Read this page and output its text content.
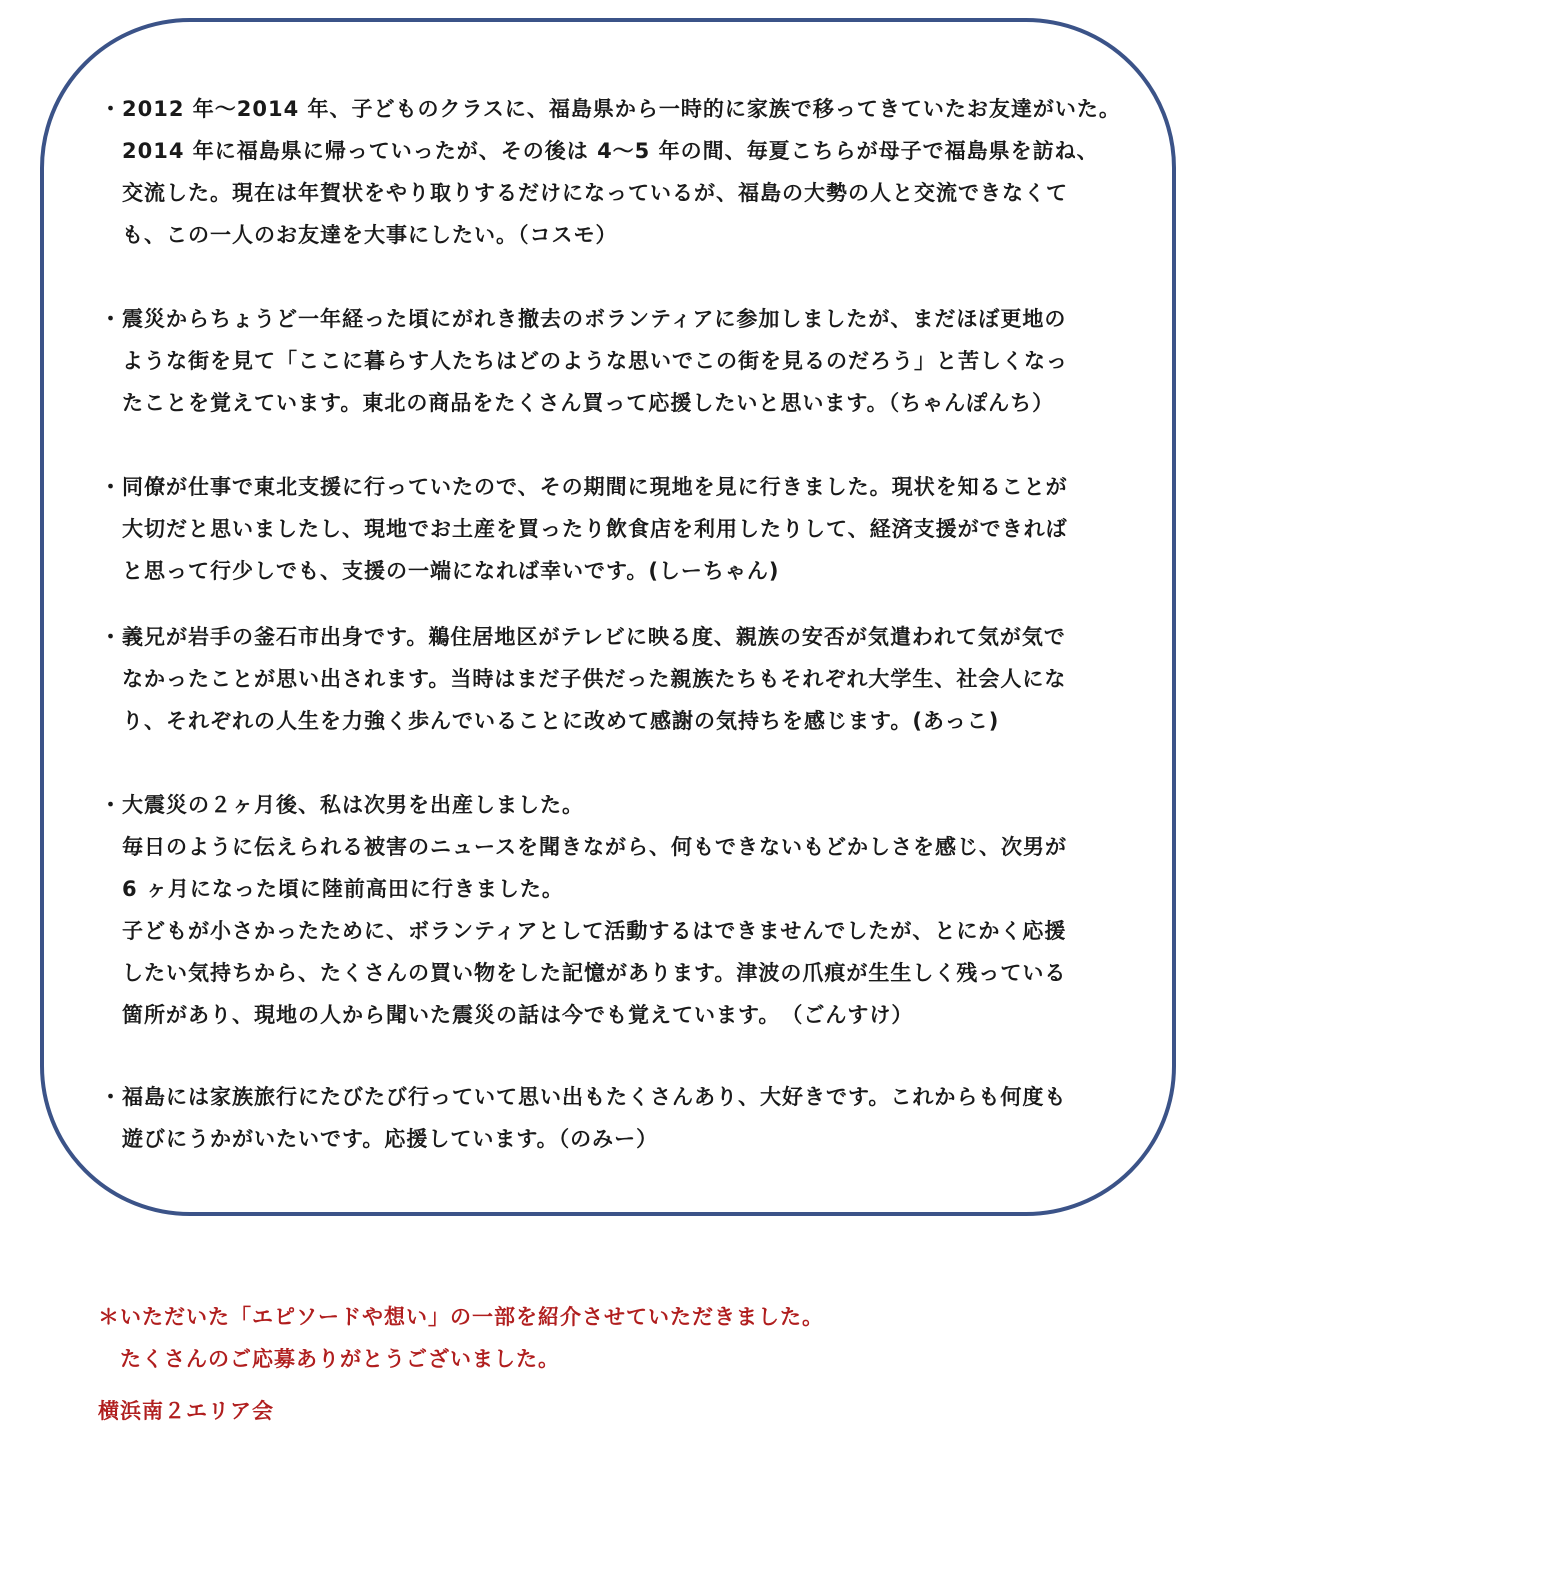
・ 2012 年～2014 年、子どものクラスに、福島県から一時的に家族で移ってきていたお友達がいた。
2014 年に福島県に帰っていったが、その後は 4～5 年の間、毎夏こちらが母子で福島県を訪ね、
交流した。現在は年賀状をやり取りするだけになっているが、福島の大勢の人と交流できなくて
も、この一人のお友達を大事にしたい。（コスモ）
・ 震災からちょうど一年経った頃にがれき撤去のボランティアに参加しましたが、まだほぼ更地の
ような街を見て「ここに暮らす人たちはどのような思いでこの街を見るのだろう」と苦しくなっ
たことを覚えています。東北の商品をたくさん買って応援したいと思います。（ちゃんぽんち）
・ 同僚が仕事で東北支援に行っていたので、その期間に現地を見に行きました。現状を知ることが
大切だと思いましたし、現地でお土産を買ったり飲食店を利用したりして、経済支援ができれば
と思って行少しでも、支援の一端になれば幸いです。(しーちゃん)
・ 義兄が岩手の釜石市出身です。鵜住居地区がテレビに映る度、親族の安否が気遣われて気が気で
なかったことが思い出されます。当時はまだ子供だった親族たちもそれぞれ大学生、社会人にな
り、それぞれの人生を力強く歩んでいることに改めて感謝の気持ちを感じます。(あっこ)
・ 大震災の２ヶ月後、私は次男を出産しました。
毎日のように伝えられる被害のニュースを聞きながら、何もできないもどかしさを感じ、次男が
6 ヶ月になった頃に陸前高田に行きました。
子どもが小さかったために、ボランティアとして活動するはできませんでしたが、とにかく応援
したい気持ちから、たくさんの買い物をした記憶があります。津波の爪痕が生生しく残っている
箇所があり、現地の人から聞いた震災の話は今でも覚えています。　（ごんすけ）
・ 福島には家族旅行にたびたび行っていて思い出もたくさんあり、大好きです。これからも何度も
遊びにうかがいたいです。応援しています。（のみー）
＊いただいた「エピソードや想い」の一部を紹介させていただきました。
たくさんのご応募ありがとうございました。
横浜南２エリア会
